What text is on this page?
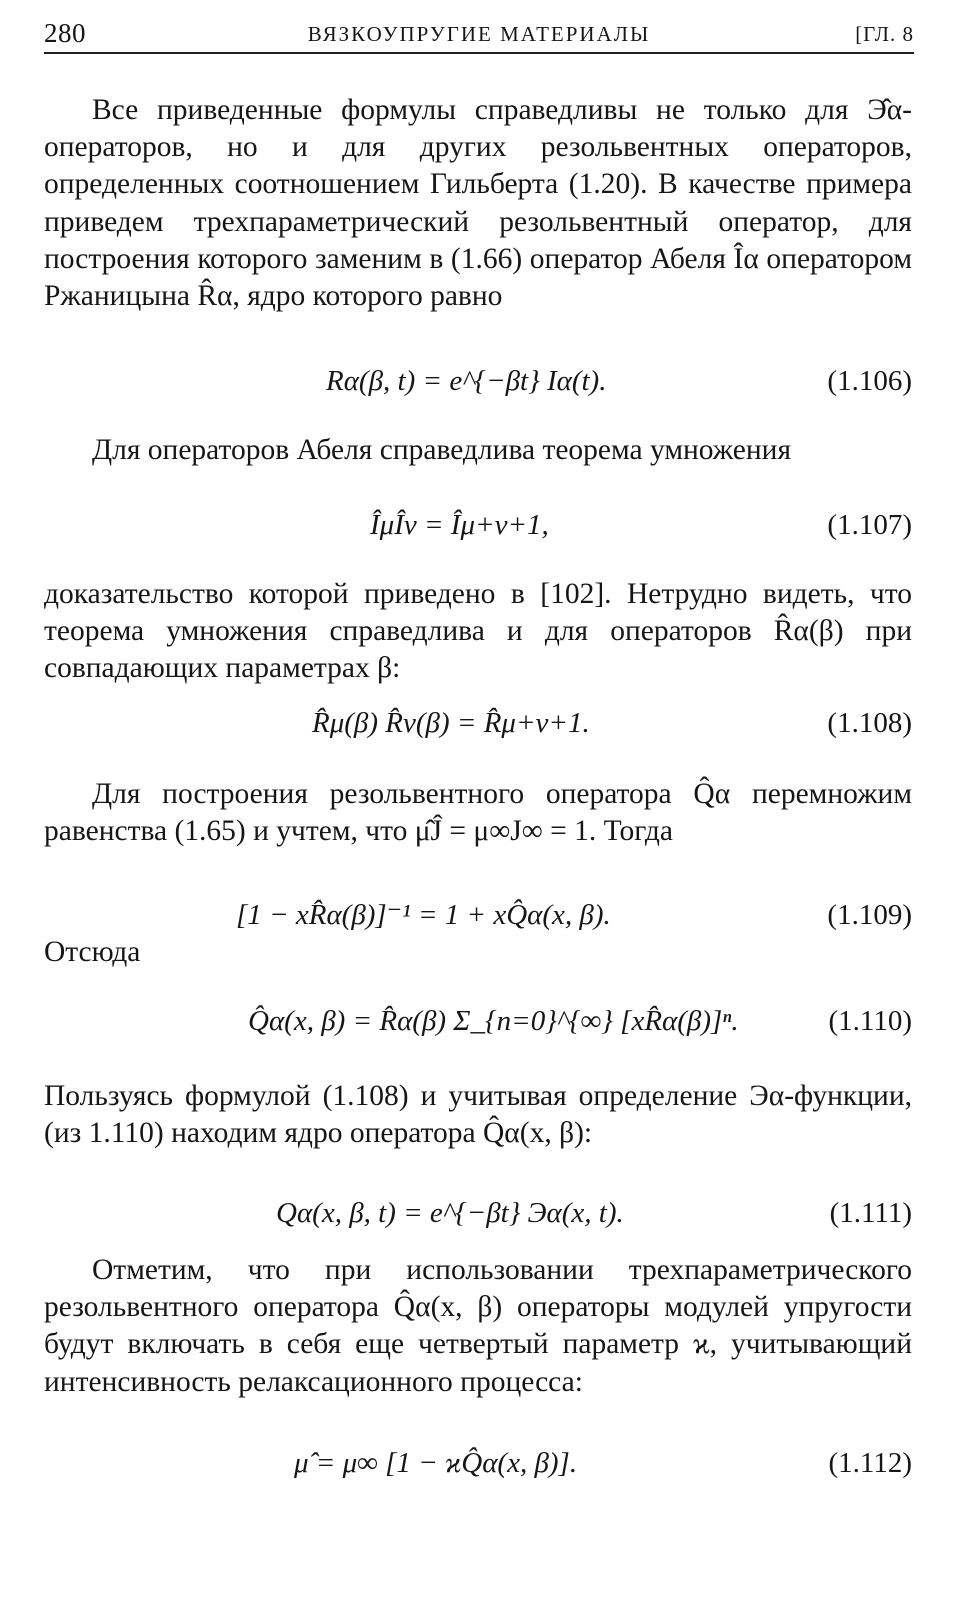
280	ВЯЗКОУПРУГИЕ МАТЕРИАЛЫ	[ГЛ. 8

Все приведенные формулы справедливы не только для Э̂α-операторов, но и для других резольвентных операторов, определенных соотношением Гильберта (1.20). В качестве примера приведем трехпараметрический резольвентный оператор, для построения которого заменим в (1.66) оператор Абеля Îα оператором Ржаницына R̂α, ядро которого равно

Rα(β, t) = e^{−βt} Iα(t).	(1.106)

Для операторов Абеля справедлива теорема умножения

ÎμÎν = Îμ+ν+1,	(1.107)

доказательство которой приведено в [102]. Нетрудно видеть, что теорема умножения справедлива и для операторов R̂α(β) при совпадающих параметрах β:

R̂μ(β) R̂ν(β) = R̂μ+ν+1.	(1.108)

Для построения резольвентного оператора Q̂α перемножим равенства (1.65) и учтем, что μ̂Ĵ = μ∞J∞ = 1. Тогда

[1 − xR̂α(β)]⁻¹ = 1 + xQ̂α(x, β).	(1.109)

Отсюда

Q̂α(x, β) = R̂α(β) Σ_{n=0}^{∞} [xR̂α(β)]ⁿ.	(1.110)

Пользуясь формулой (1.108) и учитывая определение Эα-функции, (из 1.110) находим ядро оператора Q̂α(x, β):

Qα(x, β, t) = e^{−βt} Эα(x, t).	(1.111)

Отметим, что при использовании трехпараметрического резольвентного оператора Q̂α(x, β) операторы модулей упругости будут включать в себя еще четвертый параметр ϰ, учитывающий интенсивность релаксационного процесса:

μ̂ = μ∞ [1 − ϰQ̂α(x, β)].	(1.112)
